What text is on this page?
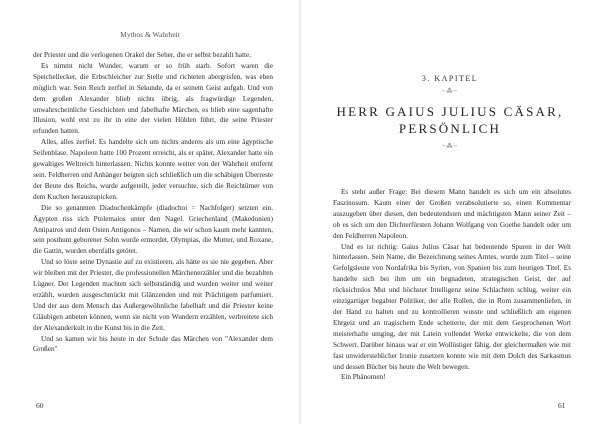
Mythos & Wahrheit

der Priester und die verlogenen Orakel der Seher, die er selbst bezahlt hatte.

Es nimmt nicht Wunder, warum er so früh starb. Sofort waren die Speichellecker, die Erbschleicher zur Stelle und richteten abergrisfen, was eben möglich war. Sein Reich zerfiel in Sekunde, da er seinem Geist aufgab. Und von dem großen Alexander blieb nichts übrig, als fragwürdige Legenden, unwahrscheinliche Geschichten und fabelhafte Märchen, es blieb eine sagenhafte Illusion, wohl erst zu ihr in eine der vielen Höhlen führt, die seine Priester erfunden hatten.

Alles, alles zerfiel. Es handelte sich um nichts anderes als um eine ägyptische Seifenblase. Napoleon hatte 100 Prozent erreicht, als er später, Alexander hatte ein gewaltiges Weltreich hinterlassen. Nichts konnte weiter von der Wahrheit entfernt sein. Feldherren und Anhänger beigten sich schließlich um die schäbigen Überreste der Beute des Reichs, wurde aufgeteilt, jeder versuchte, sich die Reichtümer von dem Kuchen herauszupicken.

Die so genannten Diadochenkämpfe (diadochoi = Nachfolger) setzten ein. Ägypten riss sich Ptolemaios unter den Nagel. Griechenland (Makedonien) Antipatros und dem Osten Antigonos – Namen, die wir schon kaum mehr kannten, sein posthum geborener Sohn wurde ermordet, Olympias, die Mutter, und Roxane, die Gattin, wurden ebenfalls getötet.

Und so löste seine Dynastie auf zu existieren, als hätte es sie nie gegeben. Aber wir bleiben mit der Priester, die professionellen Märchenerzähler und die bezahlten Lügner. Der Legenden machten sich selbstständig und wurden weiter und weiter erzählt, wurden ausgeschmückt mit Glänzenden und mit Prächtigem parfumiert. Und der aus dem Mensch das Außergewöhnliche fabelhaft und die Priester keine Gläubigen anbeten können, wenn sie nicht von Wundern erzählen, verbreitete sich der Alexanderkult in die Kunst bis in die Zeit.

Und so kamen wir bis heute in der Schule das Märchen von "Alexander dem Großen"

60
3. KAPITEL
~⁂~
HERR GAIUS JULIUS CÄSAR,
PERSÖNLICH
~⁂~

Es steht außer Frage: Bei diesem Mann handelt es sich um ein absolutes Faszinosum. Kaum einer der Großen verabsolutierte so, einen Kommentar auszugeben über diesen, den bedeutendsten und mächtigsten Mann seiner Zeit – ob es sich um den Dichterfürsten Johann Wolfgang von Goethe handelt oder um den Feldherren Napoleon.

Und es ist richtig: Gaius Julius Cäsar hat bedeutende Spuren in der Welt hinterlassen. Sein Name, die Bezeichnung seines Amtes, wurde zum Titel – seine Gefolgsleute von Nordafrika bis Syrien, von Spanien bis zum heutigen Titel. Es handelte sich bei ihm um ein begnadeten, strategischen Geist, der auf rücksichtslos Mut und höchster Intelligenz seine Schlachten schlug, weiter ein einzigartiger begabter Politiker, der alle Rollen, die in Rom zusammenliefen, in der Hand zu halten und zu kontrollieren wusste und schließlich am eigenen Ehrgeiz und an tragischem Ende scheiterte, der mit dem Gesprochenen Wort meisterhafte umging, der mit Latein vollendet Werke entwickelte, die von dem Schwert. Darüber hinaus war er ein Wollüstiger fähig, der gleichermaßen wie mit fast unwiderstehlicher Ironie zusetzen konnte wie mit dem Dolch des Sarkasmus und dessen Bücher bis heute die Welt bewegen.

Ein Phänomen!

61
